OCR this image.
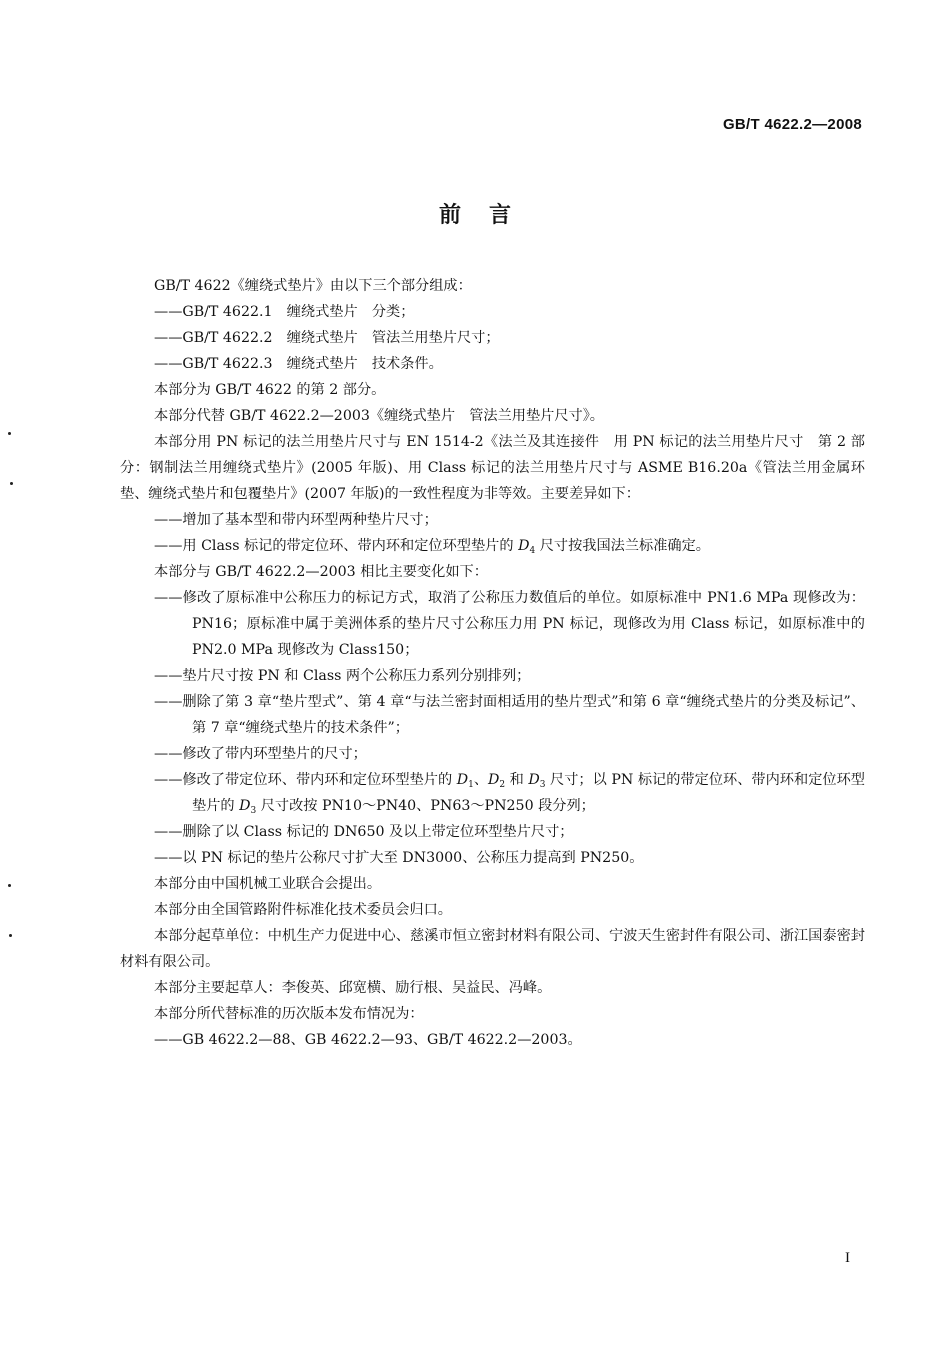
GB/T 4622.2—2008
前言

GB/T 4622《缠绕式垫片》由以下三个部分组成：

——GB/T 4622.1　缠绕式垫片　分类；

——GB/T 4622.2　缠绕式垫片　管法兰用垫片尺寸；

——GB/T 4622.3　缠绕式垫片　技术条件。

本部分为 GB/T 4622 的第 2 部分。

本部分代替 GB/T 4622.2—2003《缠绕式垫片　管法兰用垫片尺寸》。

本部分用 PN 标记的法兰用垫片尺寸与 EN 1514-2《法兰及其连接件　用 PN 标记的法兰用垫片尺寸　第 2 部分：钢制法兰用缠绕式垫片》(2005 年版)、用 Class 标记的法兰用垫片尺寸与 ASME B16.20a《管法兰用金属环垫、缠绕式垫片和包覆垫片》(2007 年版)的一致性程度为非等效。主要差异如下：

——增加了基本型和带内环型两种垫片尺寸；

——用 Class 标记的带定位环、带内环和定位环型垫片的 $D_4$ 尺寸按我国法兰标准确定。

本部分与 GB/T 4622.2—2003 相比主要变化如下：

——修改了原标准中公称压力的标记方式，取消了公称压力数值后的单位。如原标准中 PN1.6 MPa 现修改为：PN16；原标准中属于美洲体系的垫片尺寸公称压力用 PN 标记，现修改为用 Class 标记，如原标准中的 PN2.0 MPa 现修改为 Class150；

——垫片尺寸按 PN 和 Class 两个公称压力系列分别排列；

——删除了第 3 章“垫片型式”、第 4 章“与法兰密封面相适用的垫片型式”和第 6 章“缠绕式垫片的分类及标记”、第 7 章“缠绕式垫片的技术条件”；

——修改了带内环型垫片的尺寸；

——修改了带定位环、带内环和定位环型垫片的 $D_1$、$D_2$ 和 $D_3$ 尺寸；以 PN 标记的带定位环、带内环和定位环型垫片的 $D_3$ 尺寸改按 PN10～PN40、PN63～PN250 段分列；

——删除了以 Class 标记的 DN650 及以上带定位环型垫片尺寸；

——以 PN 标记的垫片公称尺寸扩大至 DN3000、公称压力提高到 PN250。

本部分由中国机械工业联合会提出。

本部分由全国管路附件标准化技术委员会归口。

本部分起草单位：中机生产力促进中心、慈溪市恒立密封材料有限公司、宁波天生密封件有限公司、浙江国泰密封材料有限公司。

本部分主要起草人：李俊英、邱宽横、励行根、吴益民、冯峰。

本部分所代替标准的历次版本发布情况为：

——GB 4622.2—88、GB 4622.2—93、GB/T 4622.2—2003。

I
